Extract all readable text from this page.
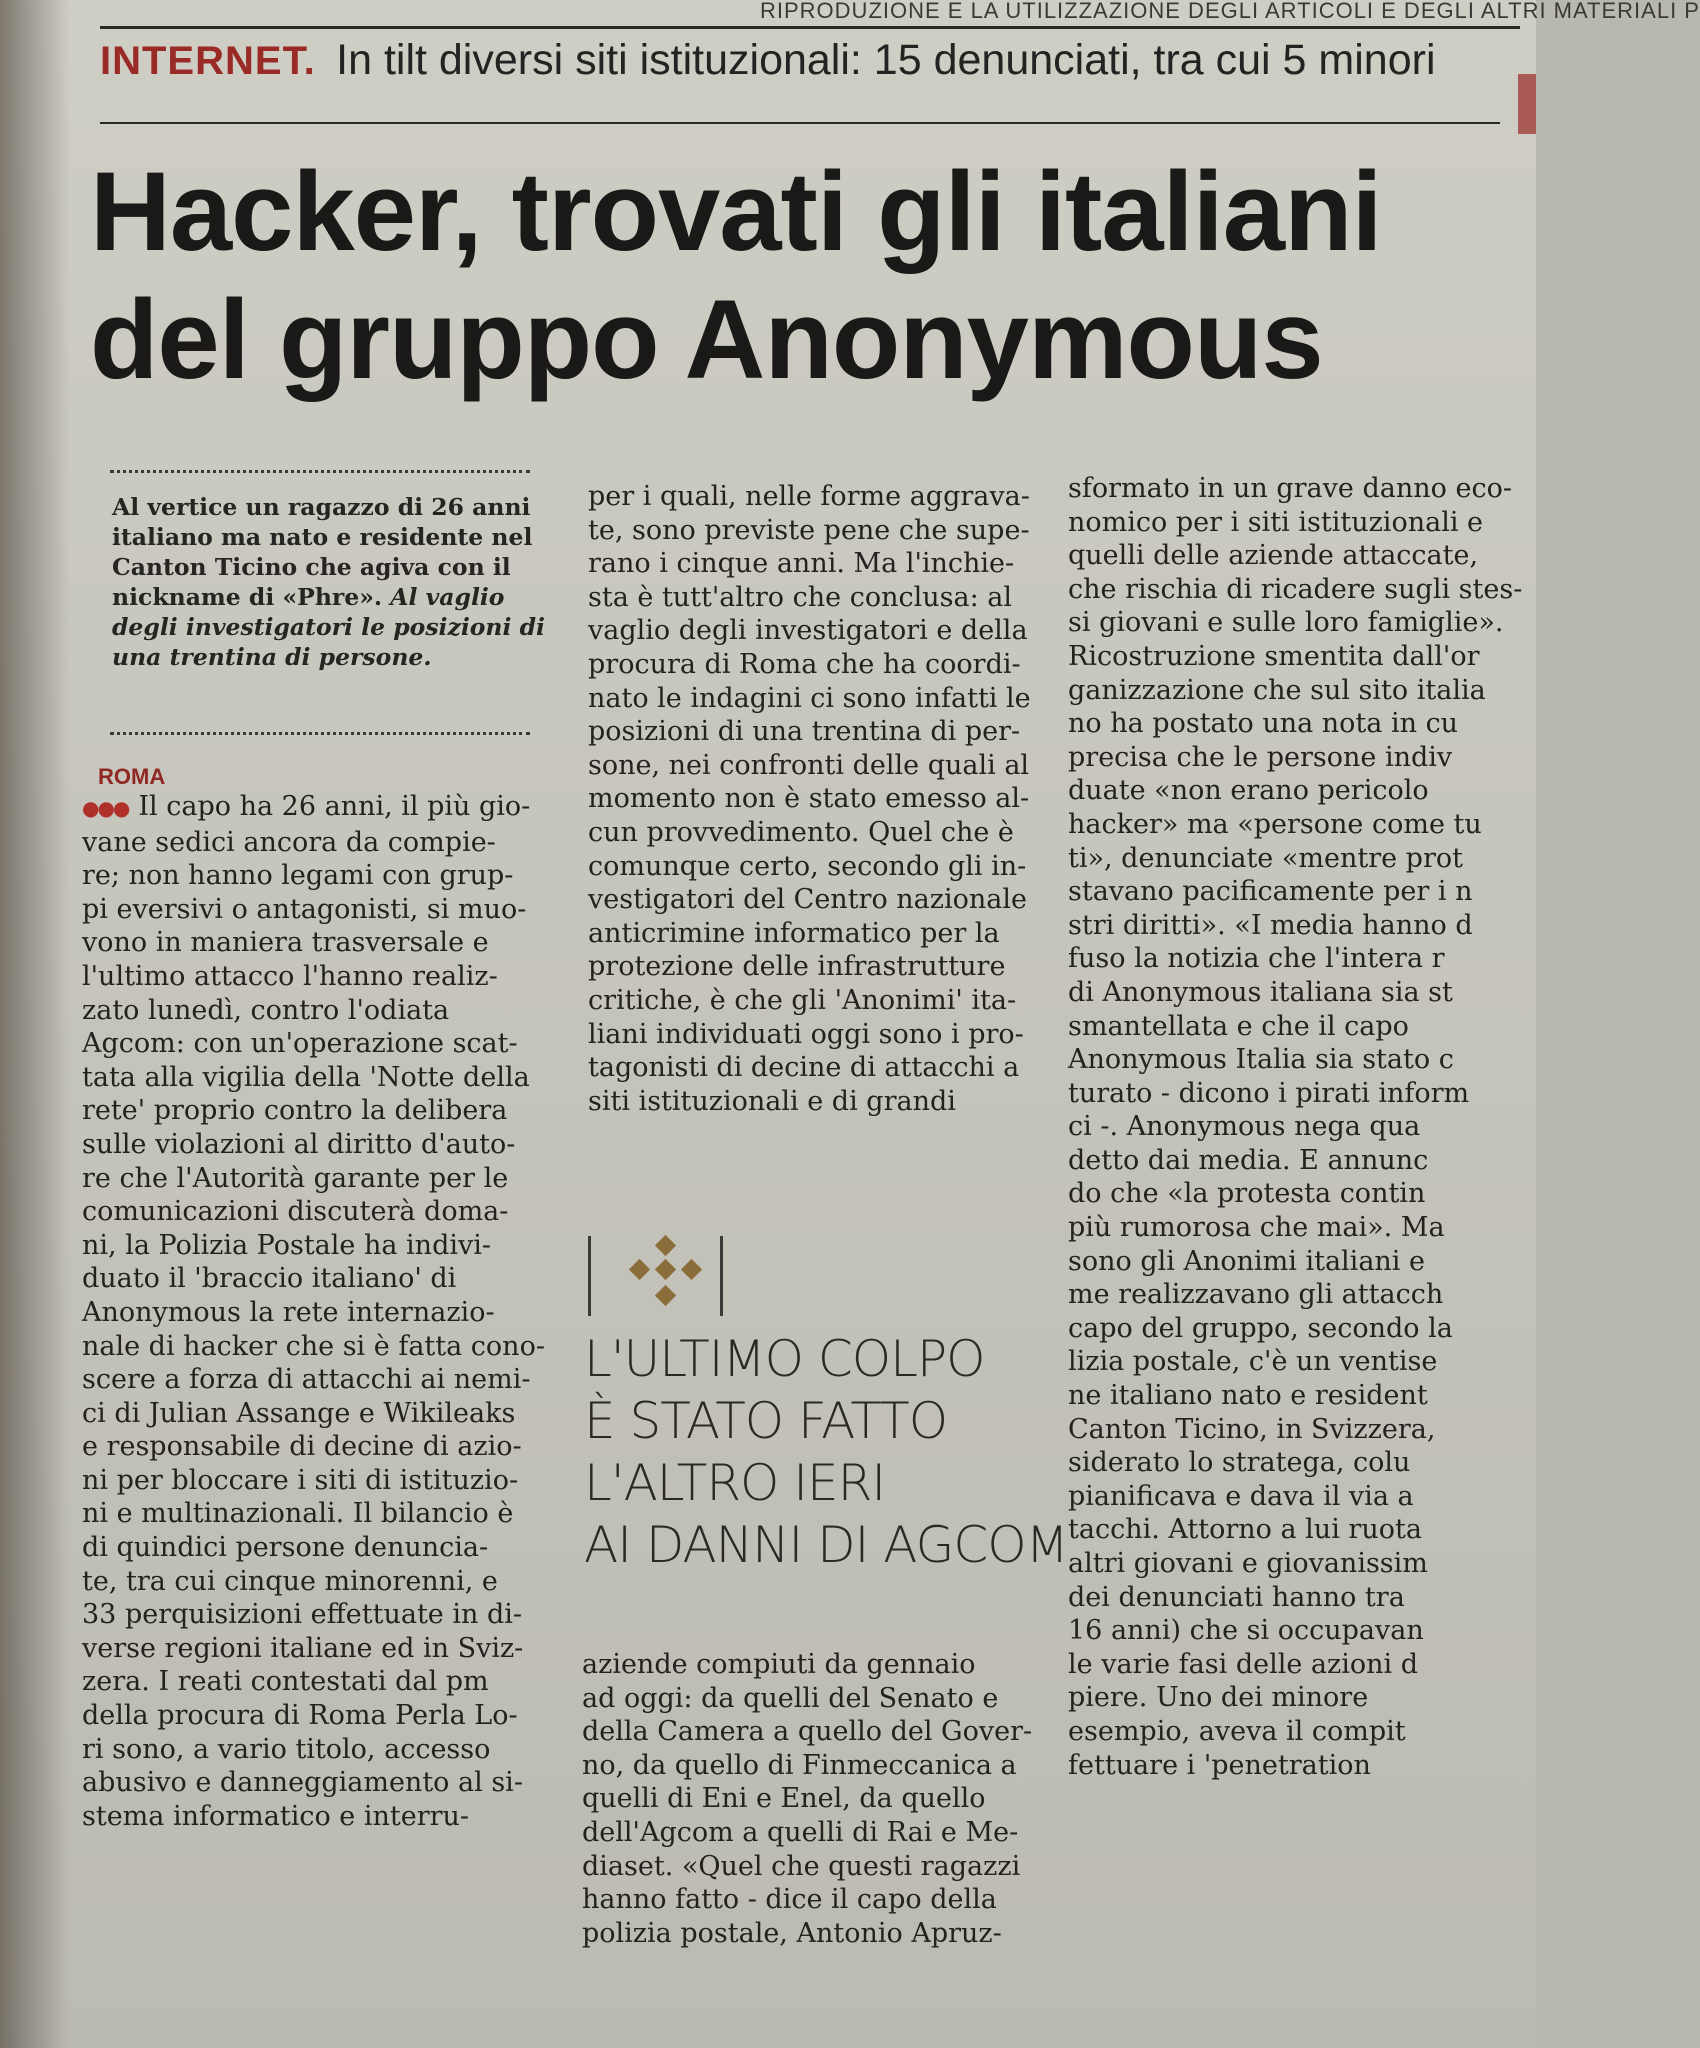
RIPRODUZIONE E LA UTILIZZAZIONE DEGLI ARTICOLI E DEGLI ALTRI MATERIALI P
INTERNET. In tilt diversi siti istituzionali: 15 denunciati, tra cui 5 minori
Hacker, trovati gli italiani
del gruppo Anonymous
Al vertice un ragazzo di 26 anni italiano ma nato e residente nel Canton Ticino che agiva con il nickname di «Phre». Al vaglio degli investigatori le posizioni di una trentina di persone.
ROMA
●●● Il capo ha 26 anni, il più gio-
vane sedici ancora da compie-
re; non hanno legami con grup-
pi eversivi o antagonisti, si muo-
vono in maniera trasversale e
l'ultimo attacco l'hanno realiz-
zato lunedì, contro l'odiata
Agcom: con un'operazione scat-
tata alla vigilia della 'Notte della
rete' proprio contro la delibera
sulle violazioni al diritto d'auto-
re che l'Autorità garante per le
comunicazioni discuterà doma-
ni, la Polizia Postale ha indivi-
duato il 'braccio italiano' di
Anonymous la rete internazio-
nale di hacker che si è fatta cono-
scere a forza di attacchi ai nemi-
ci di Julian Assange e Wikileaks
e responsabile di decine di azio-
ni per bloccare i siti di istituzio-
ni e multinazionali. Il bilancio è
di quindici persone denuncia-
te, tra cui cinque minorenni, e
33 perquisizioni effettuate in di-
verse regioni italiane ed in Sviz-
zera. I reati contestati dal pm
della procura di Roma Perla Lo-
ri sono, a vario titolo, accesso
abusivo e danneggiamento al si-
stema informatico e interru-
per i quali, nelle forme aggrava-
te, sono previste pene che supe-
rano i cinque anni. Ma l'inchie-
sta è tutt'altro che conclusa: al
vaglio degli investigatori e della
procura di Roma che ha coordi-
nato le indagini ci sono infatti le
posizioni di una trentina di per-
sone, nei confronti delle quali al
momento non è stato emesso al-
cun provvedimento. Quel che è
comunque certo, secondo gli in-
vestigatori del Centro nazionale
anticrimine informatico per la
protezione delle infrastrutture
critiche, è che gli 'Anonimi' ita-
liani individuati oggi sono i pro-
tagonisti di decine di attacchi a
siti istituzionali e di grandi
L'ULTIMO COLPO
È STATO FATTO
L'ALTRO IERI
AI DANNI DI AGCOM
aziende compiuti da gennaio
ad oggi: da quelli del Senato e
della Camera a quello del Gover-
no, da quello di Finmeccanica a
quelli di Eni e Enel, da quello
dell'Agcom a quelli di Rai e Me-
diaset. «Quel che questi ragazzi
hanno fatto - dice il capo della
polizia postale, Antonio Apruz-
sformato in un grave danno eco-
nomico per i siti istituzionali e
quelli delle aziende attaccate,
che rischia di ricadere sugli stes-
si giovani e sulle loro famiglie».
Ricostruzione smentita dall'or
ganizzazione che sul sito italia
no ha postato una nota in cu
precisa che le persone indiv
duate «non erano pericolo
hacker» ma «persone come tu
ti», denunciate «mentre prot
stavano pacificamente per i n
stri diritti». «I media hanno d
fuso la notizia che l'intera r
di Anonymous italiana sia st
smantellata e che il capo
Anonymous Italia sia stato c
turato - dicono i pirati inform
ci -. Anonymous nega qua
detto dai media. E annunc
do che «la protesta contin
più rumorosa che mai». Ma
sono gli Anonimi italiani e
me realizzavano gli attacch
capo del gruppo, secondo la
lizia postale, c'è un ventise
ne italiano nato e resident
Canton Ticino, in Svizzera,
siderato lo stratega, colu
pianificava e dava il via a
tacchi. Attorno a lui ruota
altri giovani e giovanissim
dei denunciati hanno tra
16 anni) che si occupavan
le varie fasi delle azioni d
piere. Uno dei minore
esempio, aveva il compit
fettuare i 'penetration
